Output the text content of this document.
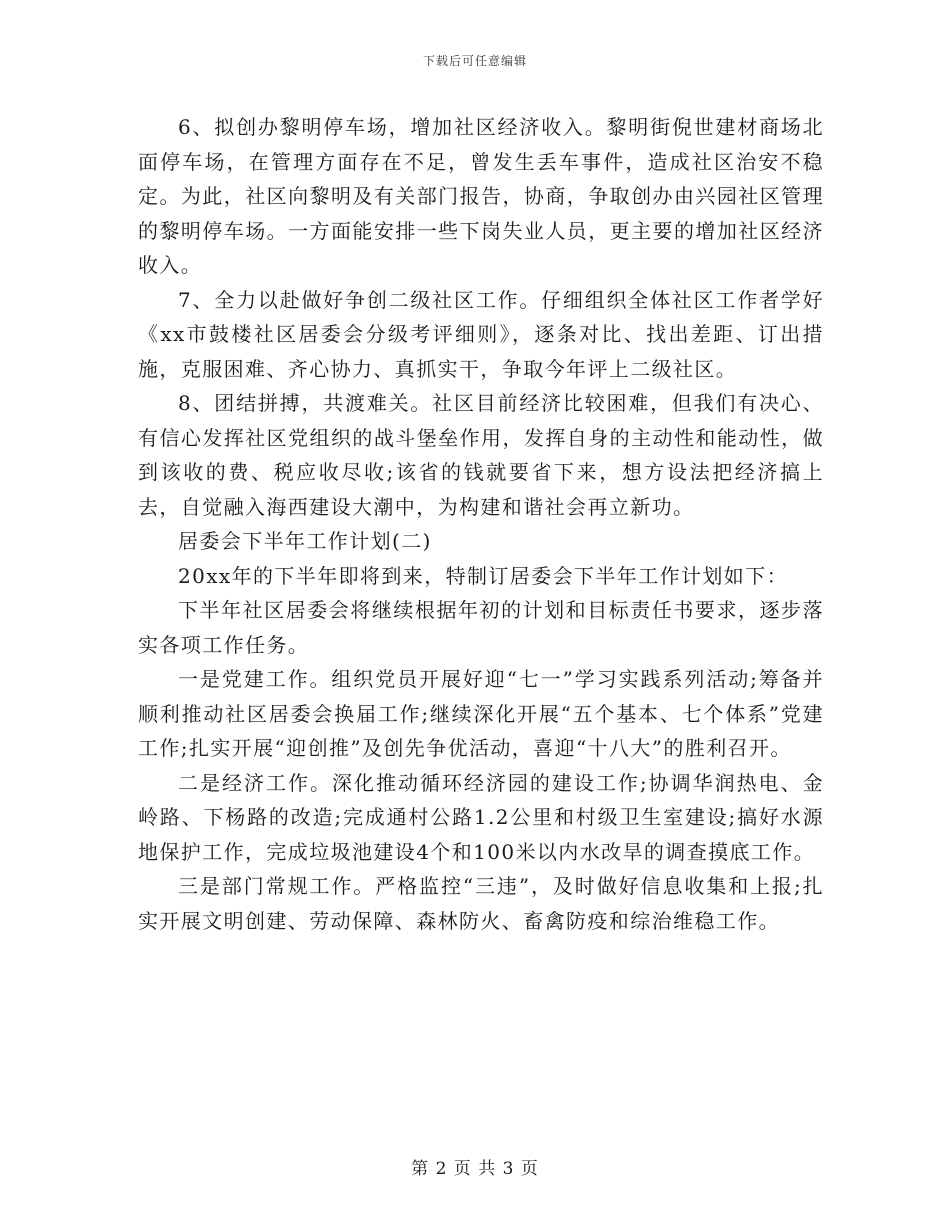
下载后可任意编辑

6、拟创办黎明停车场，增加社区经济收入。黎明街倪世建材商场北面停车场，在管理方面存在不足，曾发生丢车事件，造成社区治安不稳定。为此，社区向黎明及有关部门报告，协商，争取创办由兴园社区管理的黎明停车场。一方面能安排一些下岗失业人员，更主要的增加社区经济收入。

7、全力以赴做好争创二级社区工作。仔细组织全体社区工作者学好《xx市鼓楼社区居委会分级考评细则》，逐条对比、找出差距、订出措施，克服困难、齐心协力、真抓实干，争取今年评上二级社区。

8、团结拼搏，共渡难关。社区目前经济比较困难，但我们有决心、有信心发挥社区党组织的战斗堡垒作用，发挥自身的主动性和能动性，做到该收的费、税应收尽收;该省的钱就要省下来，想方设法把经济搞上去，自觉融入海西建设大潮中，为构建和谐社会再立新功。

居委会下半年工作计划(二)

20xx年的下半年即将到来，特制订居委会下半年工作计划如下：

下半年社区居委会将继续根据年初的计划和目标责任书要求，逐步落实各项工作任务。

一是党建工作。组织党员开展好迎“七一”学习实践系列活动;筹备并顺利推动社区居委会换届工作;继续深化开展“五个基本、七个体系”党建工作;扎实开展“迎创推”及创先争优活动，喜迎“十八大”的胜利召开。

二是经济工作。深化推动循环经济园的建设工作;协调华润热电、金岭路、下杨路的改造;完成通村公路1.2公里和村级卫生室建设;搞好水源地保护工作，完成垃圾池建设4个和100米以内水改旱的调查摸底工作。

三是部门常规工作。严格监控“三违”，及时做好信息收集和上报;扎实开展文明创建、劳动保障、森林防火、畜禽防疫和综治维稳工作。

第 2 页 共 3 页
